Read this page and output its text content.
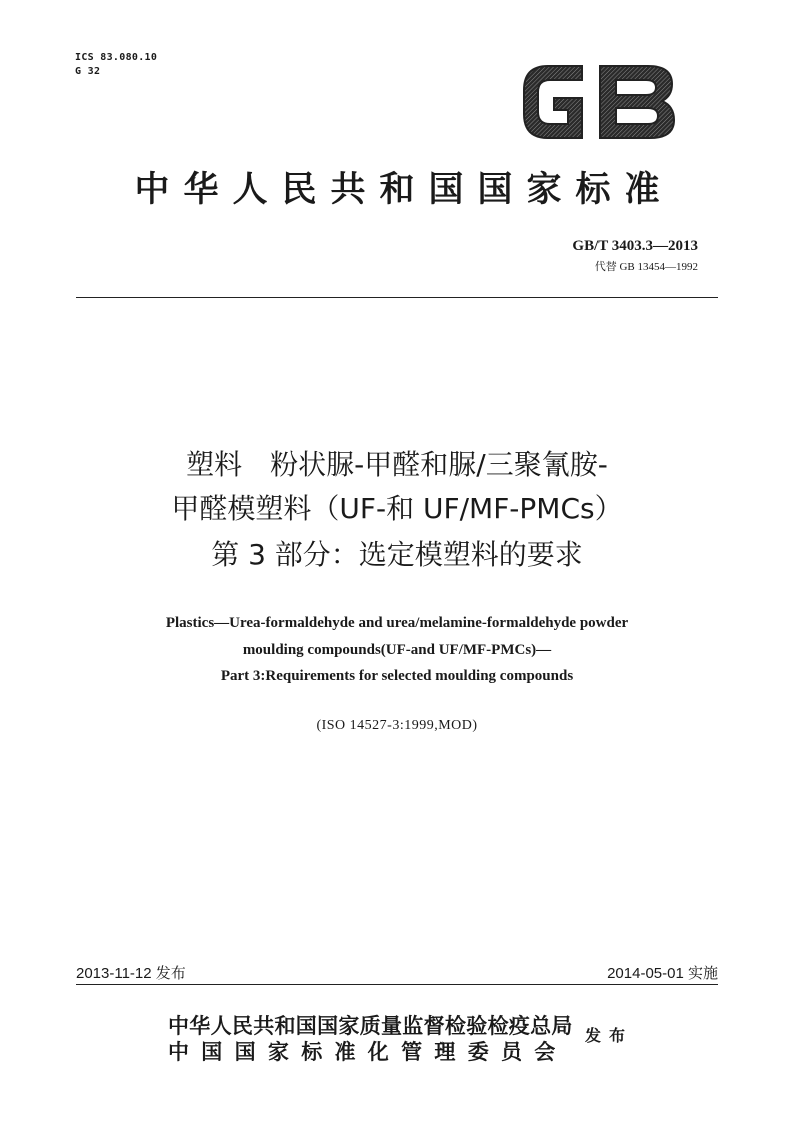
ICS 83.080.10
G 32
中华人民共和国国家标准
GB/T 3403.3—2013
代替 GB 13454—1992
塑料　粉状脲-甲醛和脲/三聚氰胺-
甲醛模塑料（UF-和 UF/MF-PMCs）
第 3 部分：选定模塑料的要求
Plastics—Urea-formaldehyde and urea/melamine-formaldehyde powder
moulding compounds(UF-and UF/MF-PMCs)—
Part 3:Requirements for selected moulding compounds
(ISO 14527-3:1999,MOD)
2013-11-12 发布	2014-05-01 实施
中华人民共和国国家质量监督检验检疫总局
中国国家标准化管理委员会
发布
